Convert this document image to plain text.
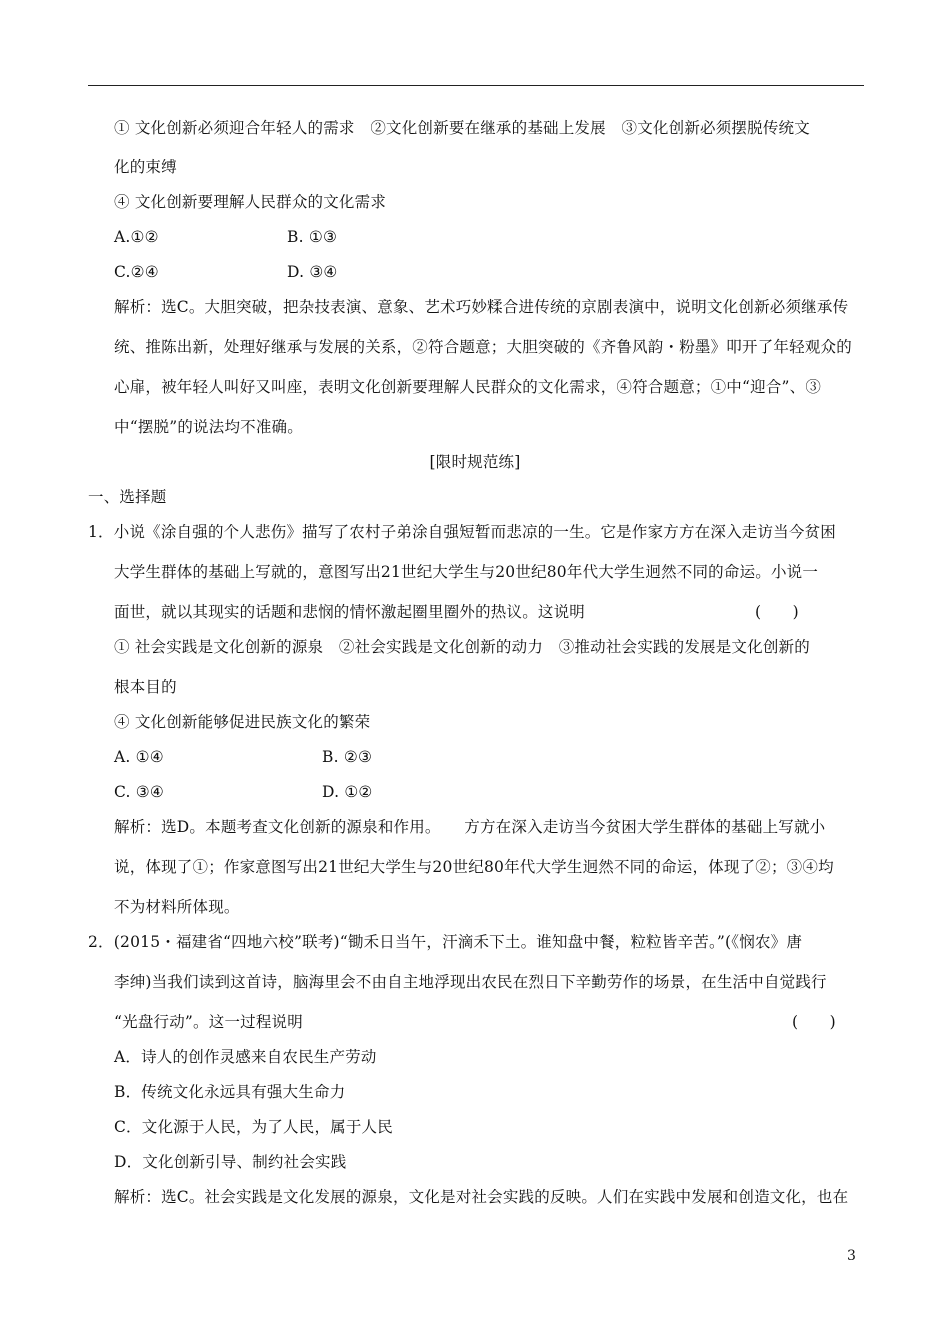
① 文化创新必须迎合年轻人的需求　②文化创新要在继承的基础上发展　③文化创新必须摆脱传统文
化的束缚
④ 文化创新要理解人民群众的文化需求
A.①②	B. ①③
C.②④	D. ③④
解析：选C。大胆突破，把杂技表演、意象、艺术巧妙糅合进传统的京剧表演中，说明文化创新必须继承传
统、推陈出新，处理好继承与发展的关系，②符合题意；大胆突破的《齐鲁风韵・粉墨》叩开了年轻观众的
心扉，被年轻人叫好又叫座，表明文化创新要理解人民群众的文化需求，④符合题意；①中“迎合”、③
中“摆脱”的说法均不准确。
[限时规范练]
一、选择题
1．小说《涂自强的个人悲伤》描写了农村子弟涂自强短暂而悲凉的一生。它是作家方方在深入走访当今贫困
大学生群体的基础上写就的，意图写出21世纪大学生与20世纪80年代大学生迥然不同的命运。小说一
面世，就以其现实的话题和悲悯的情怀激起圈里圈外的热议。这说明	(　　)
① 社会实践是文化创新的源泉　②社会实践是文化创新的动力　③推动社会实践的发展是文化创新的
根本目的
④ 文化创新能够促进民族文化的繁荣
A. ①④	B. ②③
C. ③④	D. ①②
解析：选D。本题考查文化创新的源泉和作用。　　方方在深入走访当今贫困大学生群体的基础上写就小
说，体现了①；作家意图写出21世纪大学生与20世纪80年代大学生迥然不同的命运，体现了②；③④均
不为材料所体现。
2．(2015・福建省“四地六校”联考)“锄禾日当午，汗滴禾下土。谁知盘中餐，粒粒皆辛苦。”(《悯农》唐
李绅)当我们读到这首诗，脑海里会不由自主地浮现出农民在烈日下辛勤劳作的场景，在生活中自觉践行
“光盘行动”。这一过程说明	(　　)
A．诗人的创作灵感来自农民生产劳动
B．传统文化永远具有强大生命力
C．文化源于人民，为了人民，属于人民
D．文化创新引导、制约社会实践
解析：选C。社会实践是文化发展的源泉，文化是对社会实践的反映。人们在实践中发展和创造文化，也在
3
